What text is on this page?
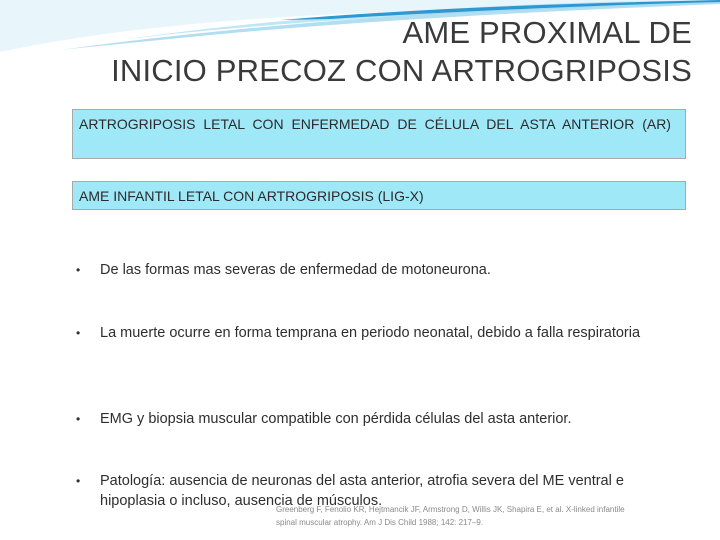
AME PROXIMAL DE
INICIO PRECOZ CON ARTROGRIPOSIS
ARTROGRIPOSIS LETAL CON ENFERMEDAD DE CÉLULA DEL ASTA ANTERIOR (AR)
AME INFANTIL LETAL CON ARTROGRIPOSIS (LIG-X)
• De las formas mas severas de enfermedad de motoneurona.
• La muerte ocurre en forma temprana en periodo neonatal, debido a falla respiratoria
• EMG y biopsia muscular compatible con pérdida células del asta anterior.
• Patología: ausencia de neuronas del asta anterior, atrofia severa del ME ventral e hipoplasia o incluso, ausencia de músculos.
Greenberg F, Fenolio KR, Hejtmancik JF, Armstrong D, Willis JK, Shapira E, et al. X-linked infantile
spinal muscular atrophy. Am J Dis Child 1988; 142: 217–9.
